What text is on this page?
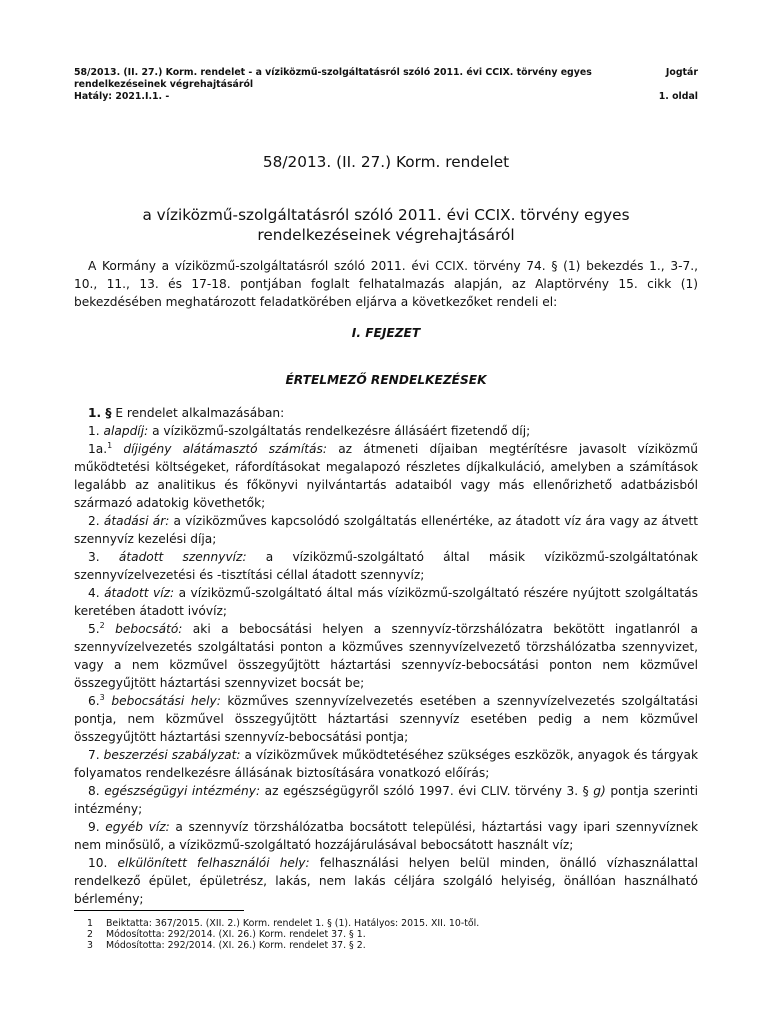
58/2013. (II. 27.) Korm. rendelet - a víziközmű-szolgáltatásról szóló 2011. évi CCIX. törvény egyes	Jogtár
rendelkezéseinek végrehajtásáról
Hatály: 2021.I.1. -	1. oldal
58/2013. (II. 27.) Korm. rendelet
a víziközmű-szolgáltatásról szóló 2011. évi CCIX. törvény egyes
rendelkezéseinek végrehajtásáról

A Kormány a víziközmű-szolgáltatásról szóló 2011. évi CCIX. törvény 74. § (1) bekezdés 1., 3-7., 10., 11., 13. és 17-18. pontjában foglalt felhatalmazás alapján, az Alaptörvény 15. cikk (1) bekezdésében meghatározott feladatkörében eljárva a következőket rendeli el:

I. FEJEZET

ÉRTELMEZŐ RENDELKEZÉSEK

1. § E rendelet alkalmazásában:

1. alapdíj: a víziközmű-szolgáltatás rendelkezésre állásáért fizetendő díj;

1a.$^1$ díjigény alátámasztó számítás: az átmeneti díjaiban megtérítésre javasolt víziközmű működtetési költségeket, ráfordításokat megalapozó részletes díjkalkuláció, amelyben a számítások legalább az analitikus és főkönyvi nyilvántartás adataiból vagy más ellenőrizhető adatbázisból származó adatokig követhetők;

2. átadási ár: a víziközműves kapcsolódó szolgáltatás ellenértéke, az átadott víz ára vagy az átvett szennyvíz kezelési díja;

3. átadott szennyvíz: a víziközmű-szolgáltató által másik víziközmű-szolgáltatónak szennyvízelvezetési és -tisztítási céllal átadott szennyvíz;

4. átadott víz: a víziközmű-szolgáltató által más víziközmű-szolgáltató részére nyújtott szolgáltatás keretében átadott ivóvíz;

5.$^2$ bebocsátó: aki a bebocsátási helyen a szennyvíz-törzshálózatra bekötött ingatlanról a szennyvízelvezetés szolgáltatási ponton a közműves szennyvízelvezető törzshálózatba szennyvizet, vagy a nem közművel összegyűjtött háztartási szennyvíz-bebocsátási ponton nem közművel összegyűjtött háztartási szennyvizet bocsát be;

6.$^3$ bebocsátási hely: közműves szennyvízelvezetés esetében a szennyvízelvezetés szolgáltatási pontja, nem közművel összegyűjtött háztartási szennyvíz esetében pedig a nem közművel összegyűjtött háztartási szennyvíz-bebocsátási pontja;

7. beszerzési szabályzat: a víziközművek működtetéséhez szükséges eszközök, anyagok és tárgyak folyamatos rendelkezésre állásának biztosítására vonatkozó előírás;

8. egészségügyi intézmény: az egészségügyről szóló 1997. évi CLIV. törvény 3. § g) pontja szerinti intézmény;

9. egyéb víz: a szennyvíz törzshálózatba bocsátott települési, háztartási vagy ipari szennyvíznek nem minősülő, a víziközmű-szolgáltató hozzájárulásával bebocsátott használt víz;

10. elkülönített felhasználói hely: felhasználási helyen belül minden, önálló vízhasználattal rendelkező épület, épületrész, lakás, nem lakás céljára szolgáló helyiség, önállóan használható bérlemény;

1	Beiktatta: 367/2015. (XII. 2.) Korm. rendelet 1. § (1). Hatályos: 2015. XII. 10-től.
2	Módosította: 292/2014. (XI. 26.) Korm. rendelet 37. § 1.
3	Módosította: 292/2014. (XI. 26.) Korm. rendelet 37. § 2.
